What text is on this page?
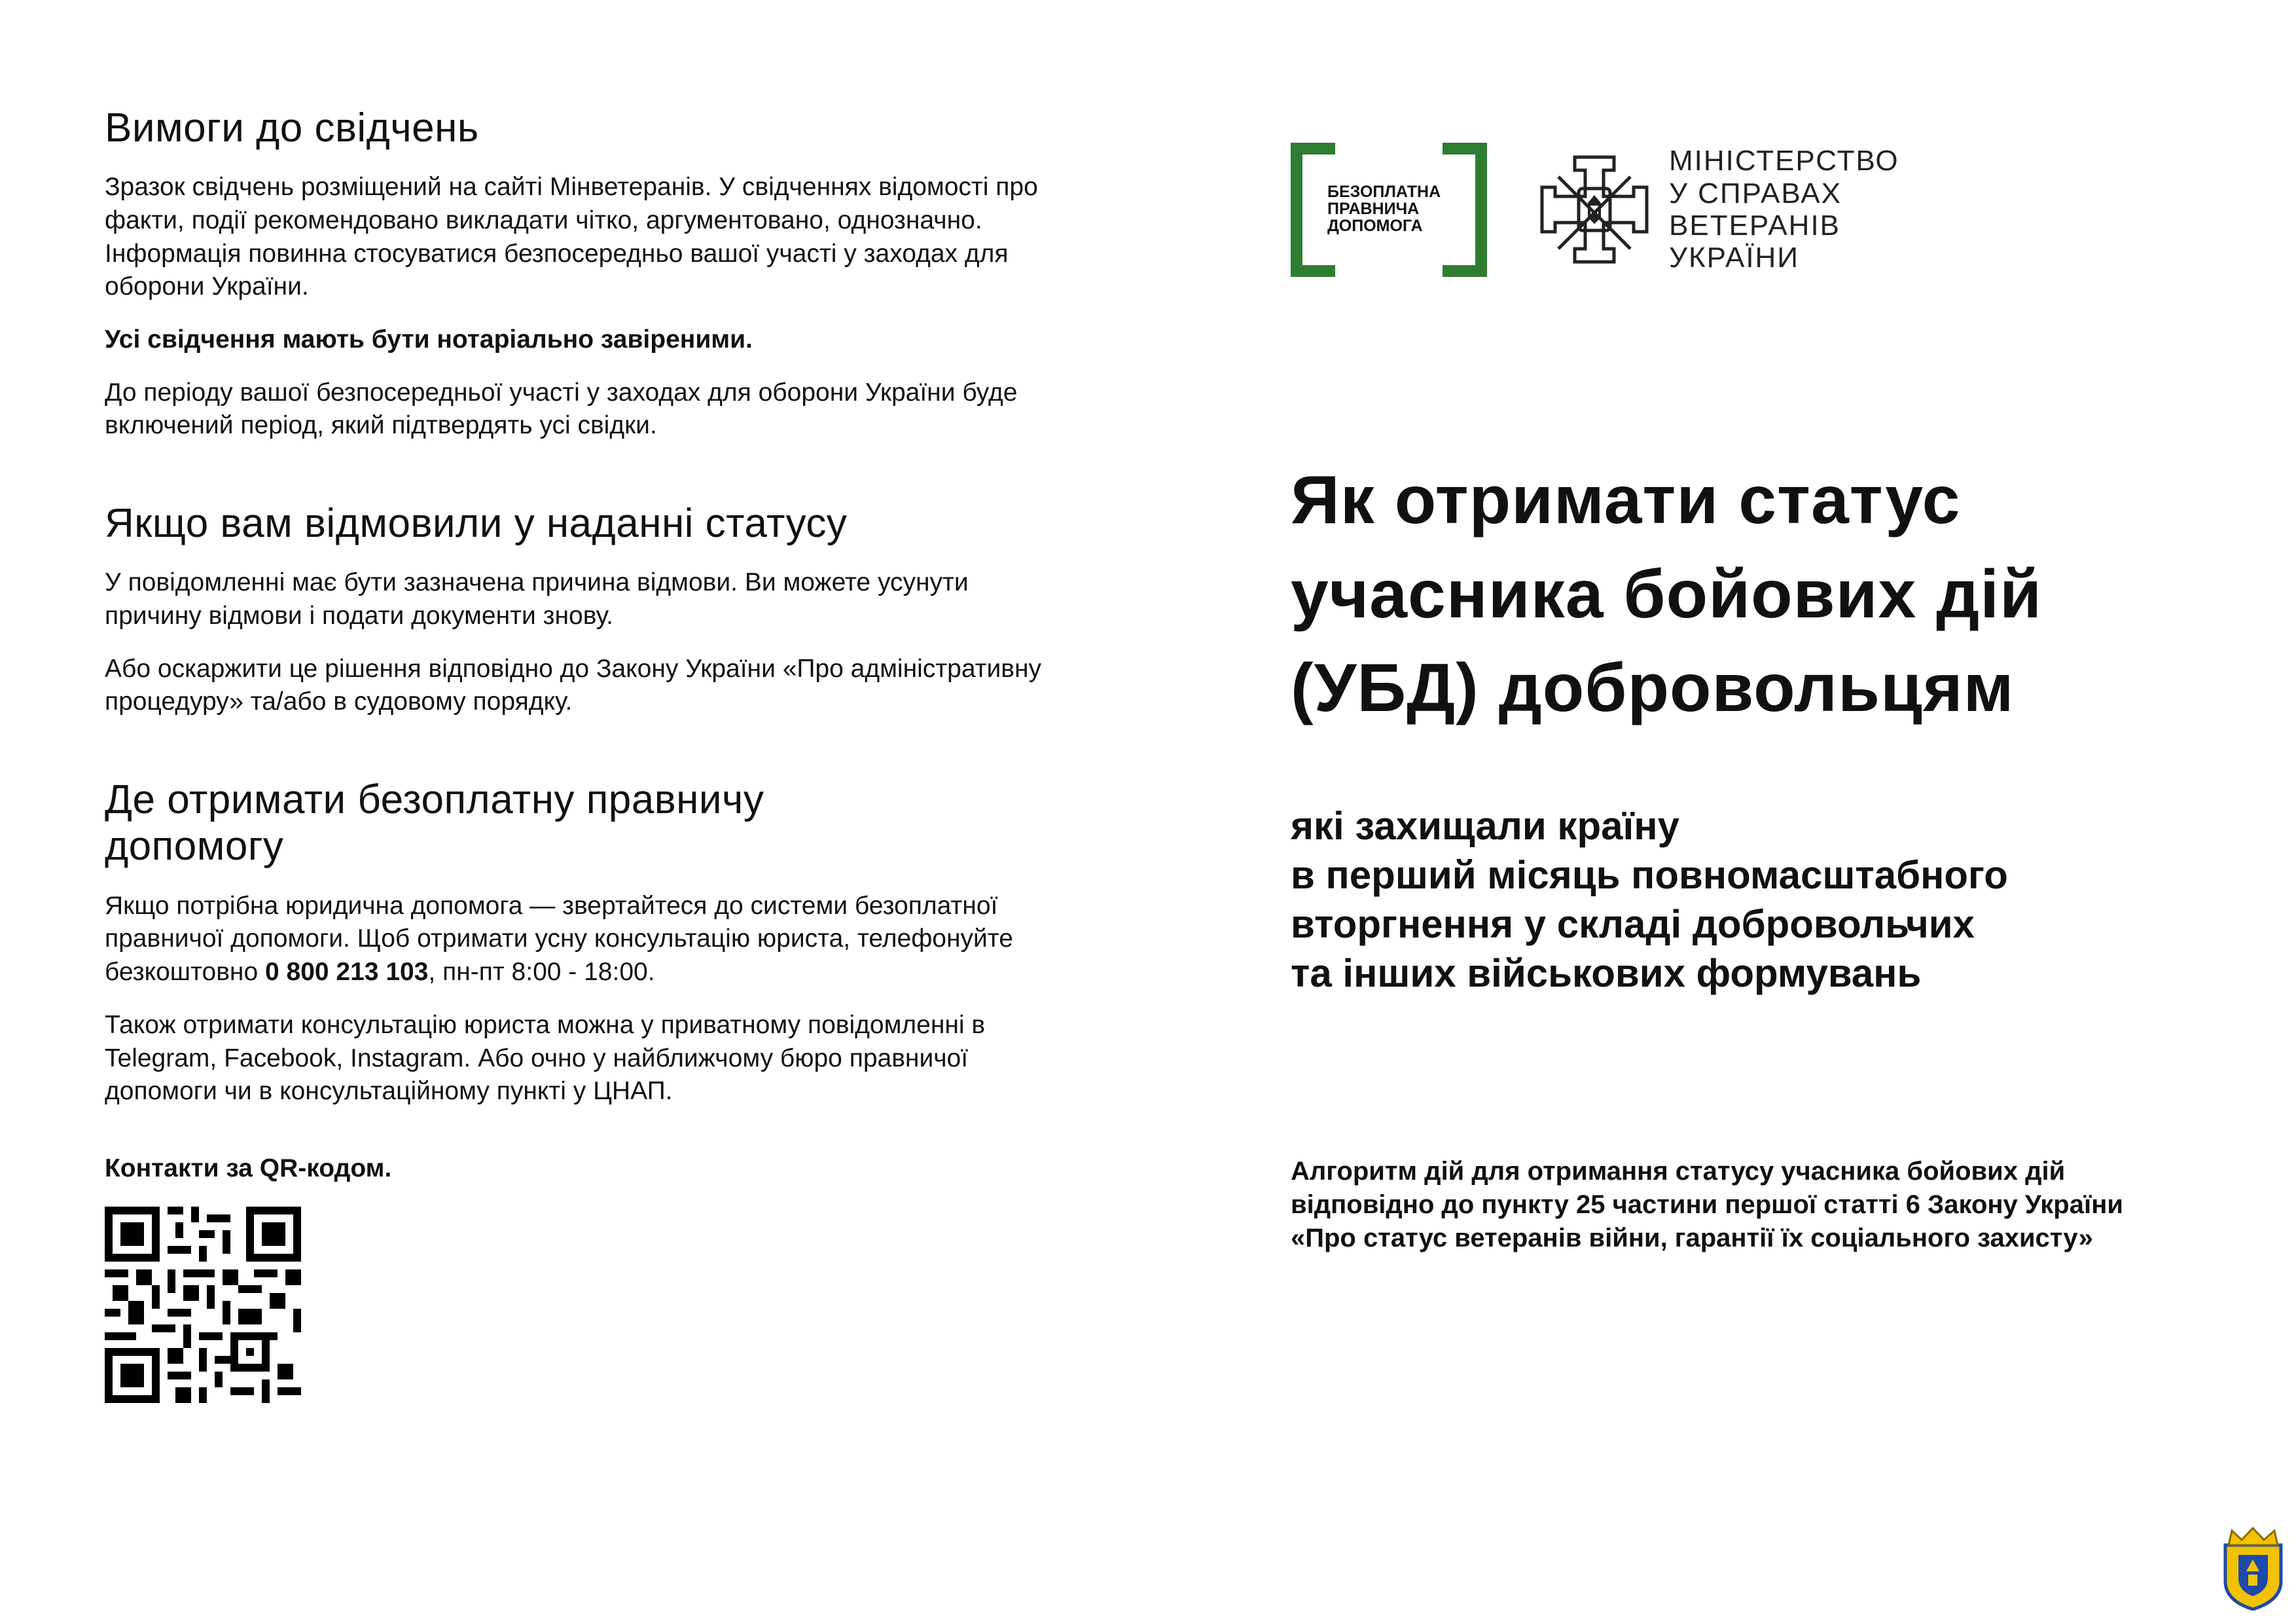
Вимоги до свідчень

Зразок свідчень розміщений на сайті Мінветеранів. У свідченнях відомості про факти, події рекомендовано викладати чітко, аргументовано, однозначно. Інформація повинна стосуватися безпосередньо вашої участі у заходах для оборони України.

Усі свідчення мають бути нотаріально завіреними.

До періоду вашої безпосередньої участі у заходах для оборони України буде включений період, який підтвердять усі свідки.

Якщо вам відмовили у наданні статусу

У повідомленні має бути зазначена причина відмови. Ви можете усунути причину відмови і подати документи знову.

Або оскаржити це рішення відповідно до Закону України «Про адміністративну процедуру» та/або в судовому порядку.

Де отримати безоплатну правничу допомогу

Якщо потрібна юридична допомога — звертайтеся до системи безоплатної правничої допомоги. Щоб отримати усну консультацію юриста, телефонуйте безкоштовно 0 800 213 103, пн-пт 8:00 - 18:00.

Також отримати консультацію юриста можна у приватному повідомленні в Telegram, Facebook, Instagram. Або очно у найближчому бюро правничої допомоги чи в консультаційному пункті у ЦНАП.

Контакти за QR-кодом.
БЕЗОПЛАТНА
ПРАВНИЧА
ДОПОМОГА
МІНІСТЕРСТВО
У СПРАВАХ
ВЕТЕРАНІВ
УКРАЇНИ
Як отримати статус
учасника бойових дій
(УБД) добровольцям
які захищали країну
в перший місяць повномасштабного
вторгнення у складі добровольчих
та інших військових формувань

Алгоритм дій для отримання статусу учасника бойових дій відповідно до пункту 25 частини першої статті 6 Закону України «Про статус ветеранів війни, гарантії їх соціального захисту»
